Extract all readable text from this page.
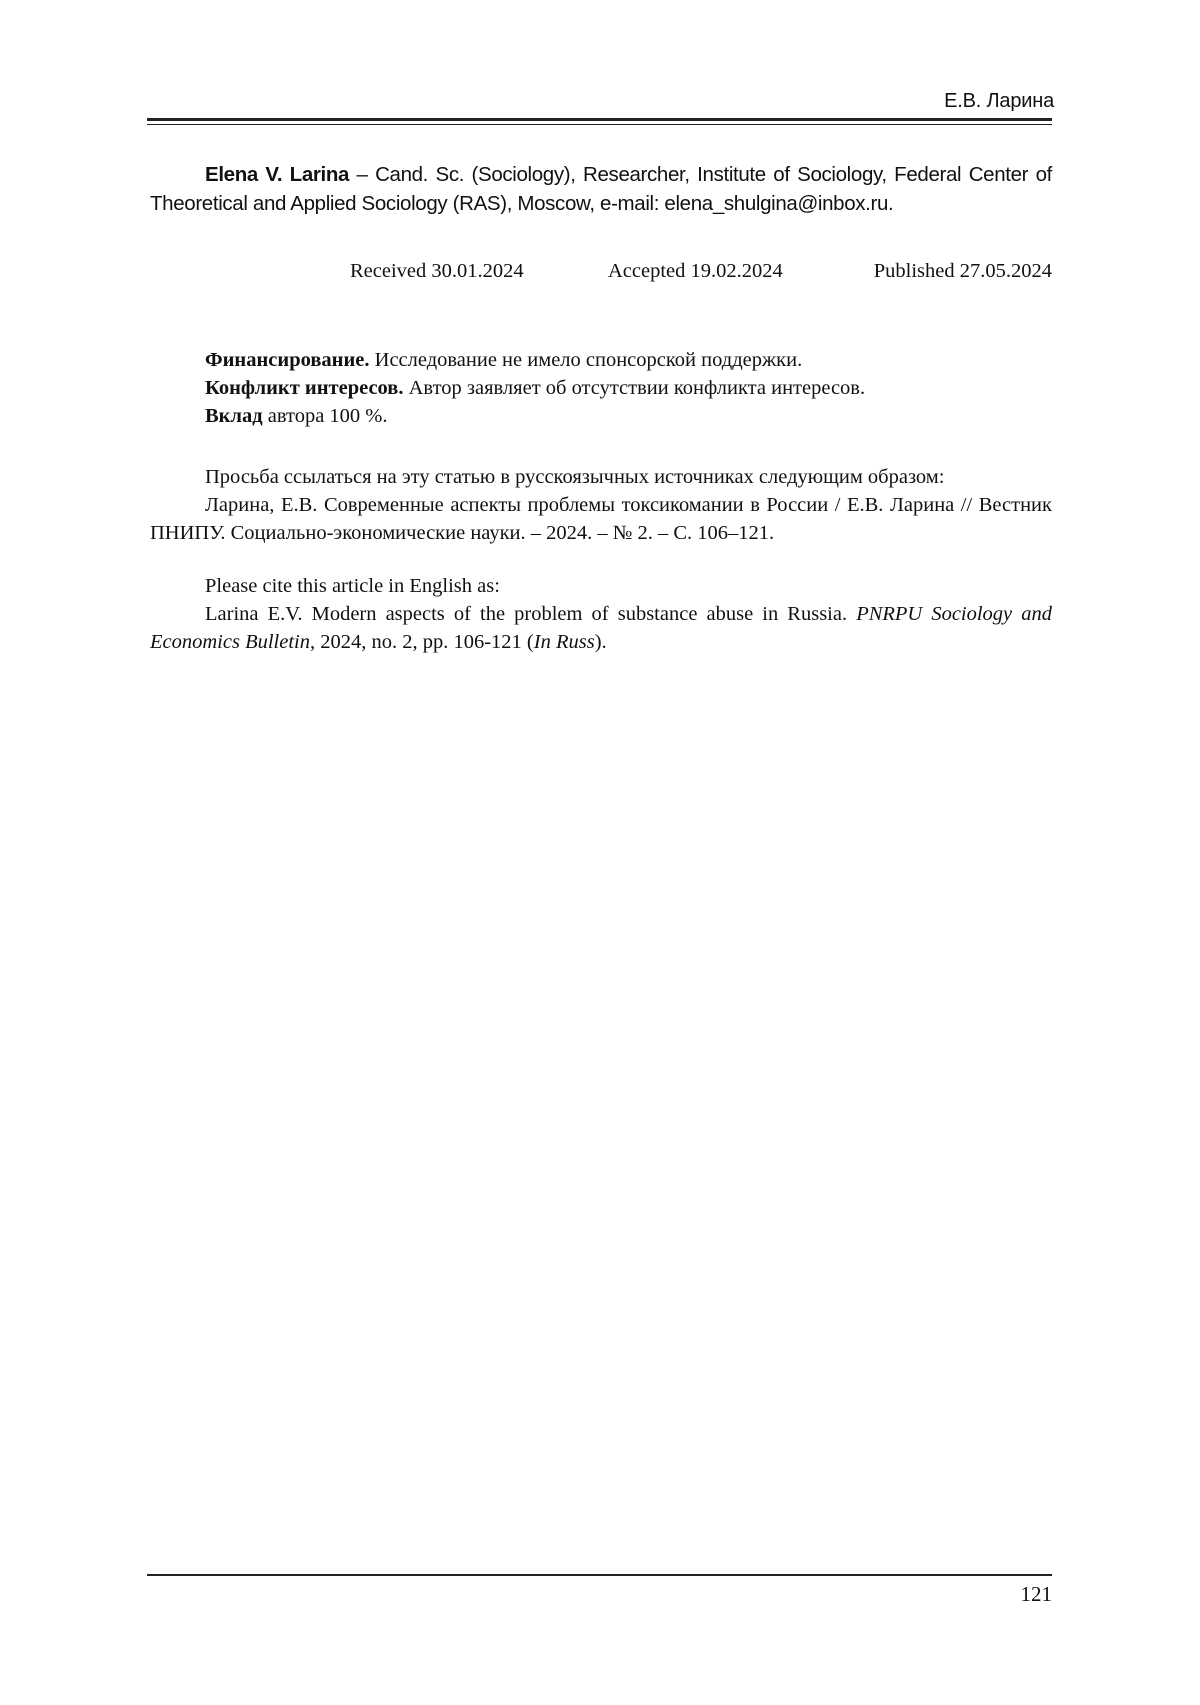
Е.В. Ларина
Elena V. Larina – Cand. Sc. (Sociology), Researcher, Institute of Sociology, Federal Center of Theoretical and Applied Sociology (RAS), Moscow, e-mail: elena_shulgina@inbox.ru.
Received 30.01.2024	Accepted 19.02.2024	Published 27.05.2024

Финансирование. Исследование не имело спонсорской поддержки.

Конфликт интересов. Автор заявляет об отсутствии конфликта интересов.

Вклад автора 100 %.

Просьба ссылаться на эту статью в русскоязычных источниках следующим образом:

Ларина, Е.В. Современные аспекты проблемы токсикомании в России / Е.В. Ларина // Вестник ПНИПУ. Социально-экономические науки. – 2024. – № 2. – С. 106–121.

Please cite this article in English as:

Larina E.V. Modern aspects of the problem of substance abuse in Russia. PNRPU Sociology and Economics Bulletin, 2024, no. 2, pp. 106-121 (In Russ).

121
